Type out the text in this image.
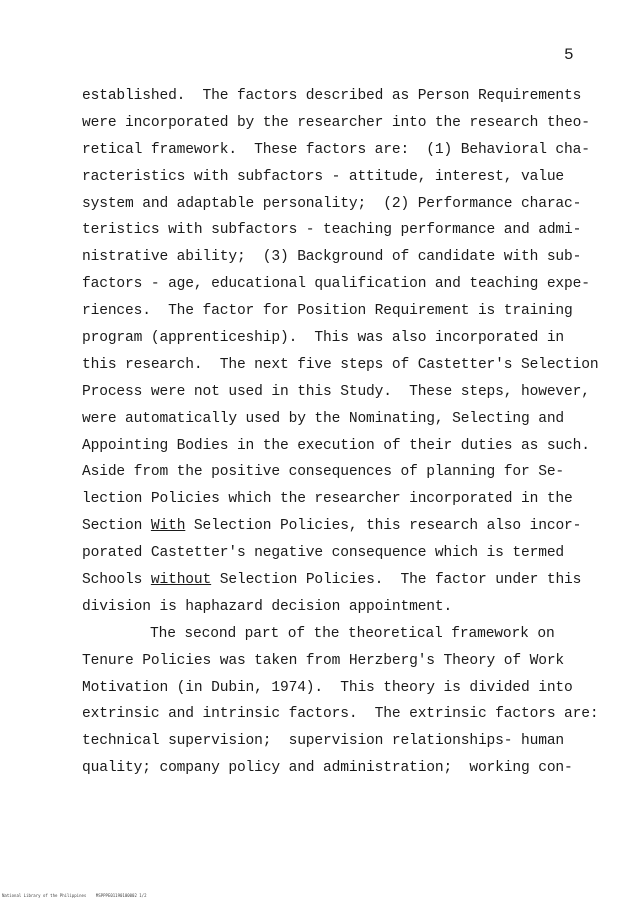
5
established.  The factors described as Person Requirements
were incorporated by the researcher into the research theo-
retical framework.  These factors are:  (1) Behavioral cha-
racteristics with subfactors - attitude, interest, value
system and adaptable personality;  (2) Performance charac-
teristics with subfactors - teaching performance and admi-
nistrative ability;  (3) Background of candidate with sub-
factors - age, educational qualification and teaching expe-
riences.  The factor for Position Requirement is training
program (apprenticeship).  This was also incorporated in
this research.  The next five steps of Castetter's Selection
Process were not used in this Study.  These steps, however,
were automatically used by the Nominating, Selecting and
Appointing Bodies in the execution of their duties as such.
Aside from the positive consequences of planning for Se-
lection Policies which the researcher incorporated in the
Section With Selection Policies, this research also incor-
porated Castetter's negative consequence which is termed
Schools without Selection Policies.  The factor under this
division is haphazard decision appointment.
The second part of the theoretical framework on
Tenure Policies was taken from Herzberg's Theory of Work
Motivation (in Dubin, 1974).  This theory is divided into
extrinsic and intrinsic factors.  The extrinsic factors are:
technical supervision;  supervision relationships- human
quality; company policy and administration;  working con-
National Library of the Philippines    MSPPPE01190100002 1/2
